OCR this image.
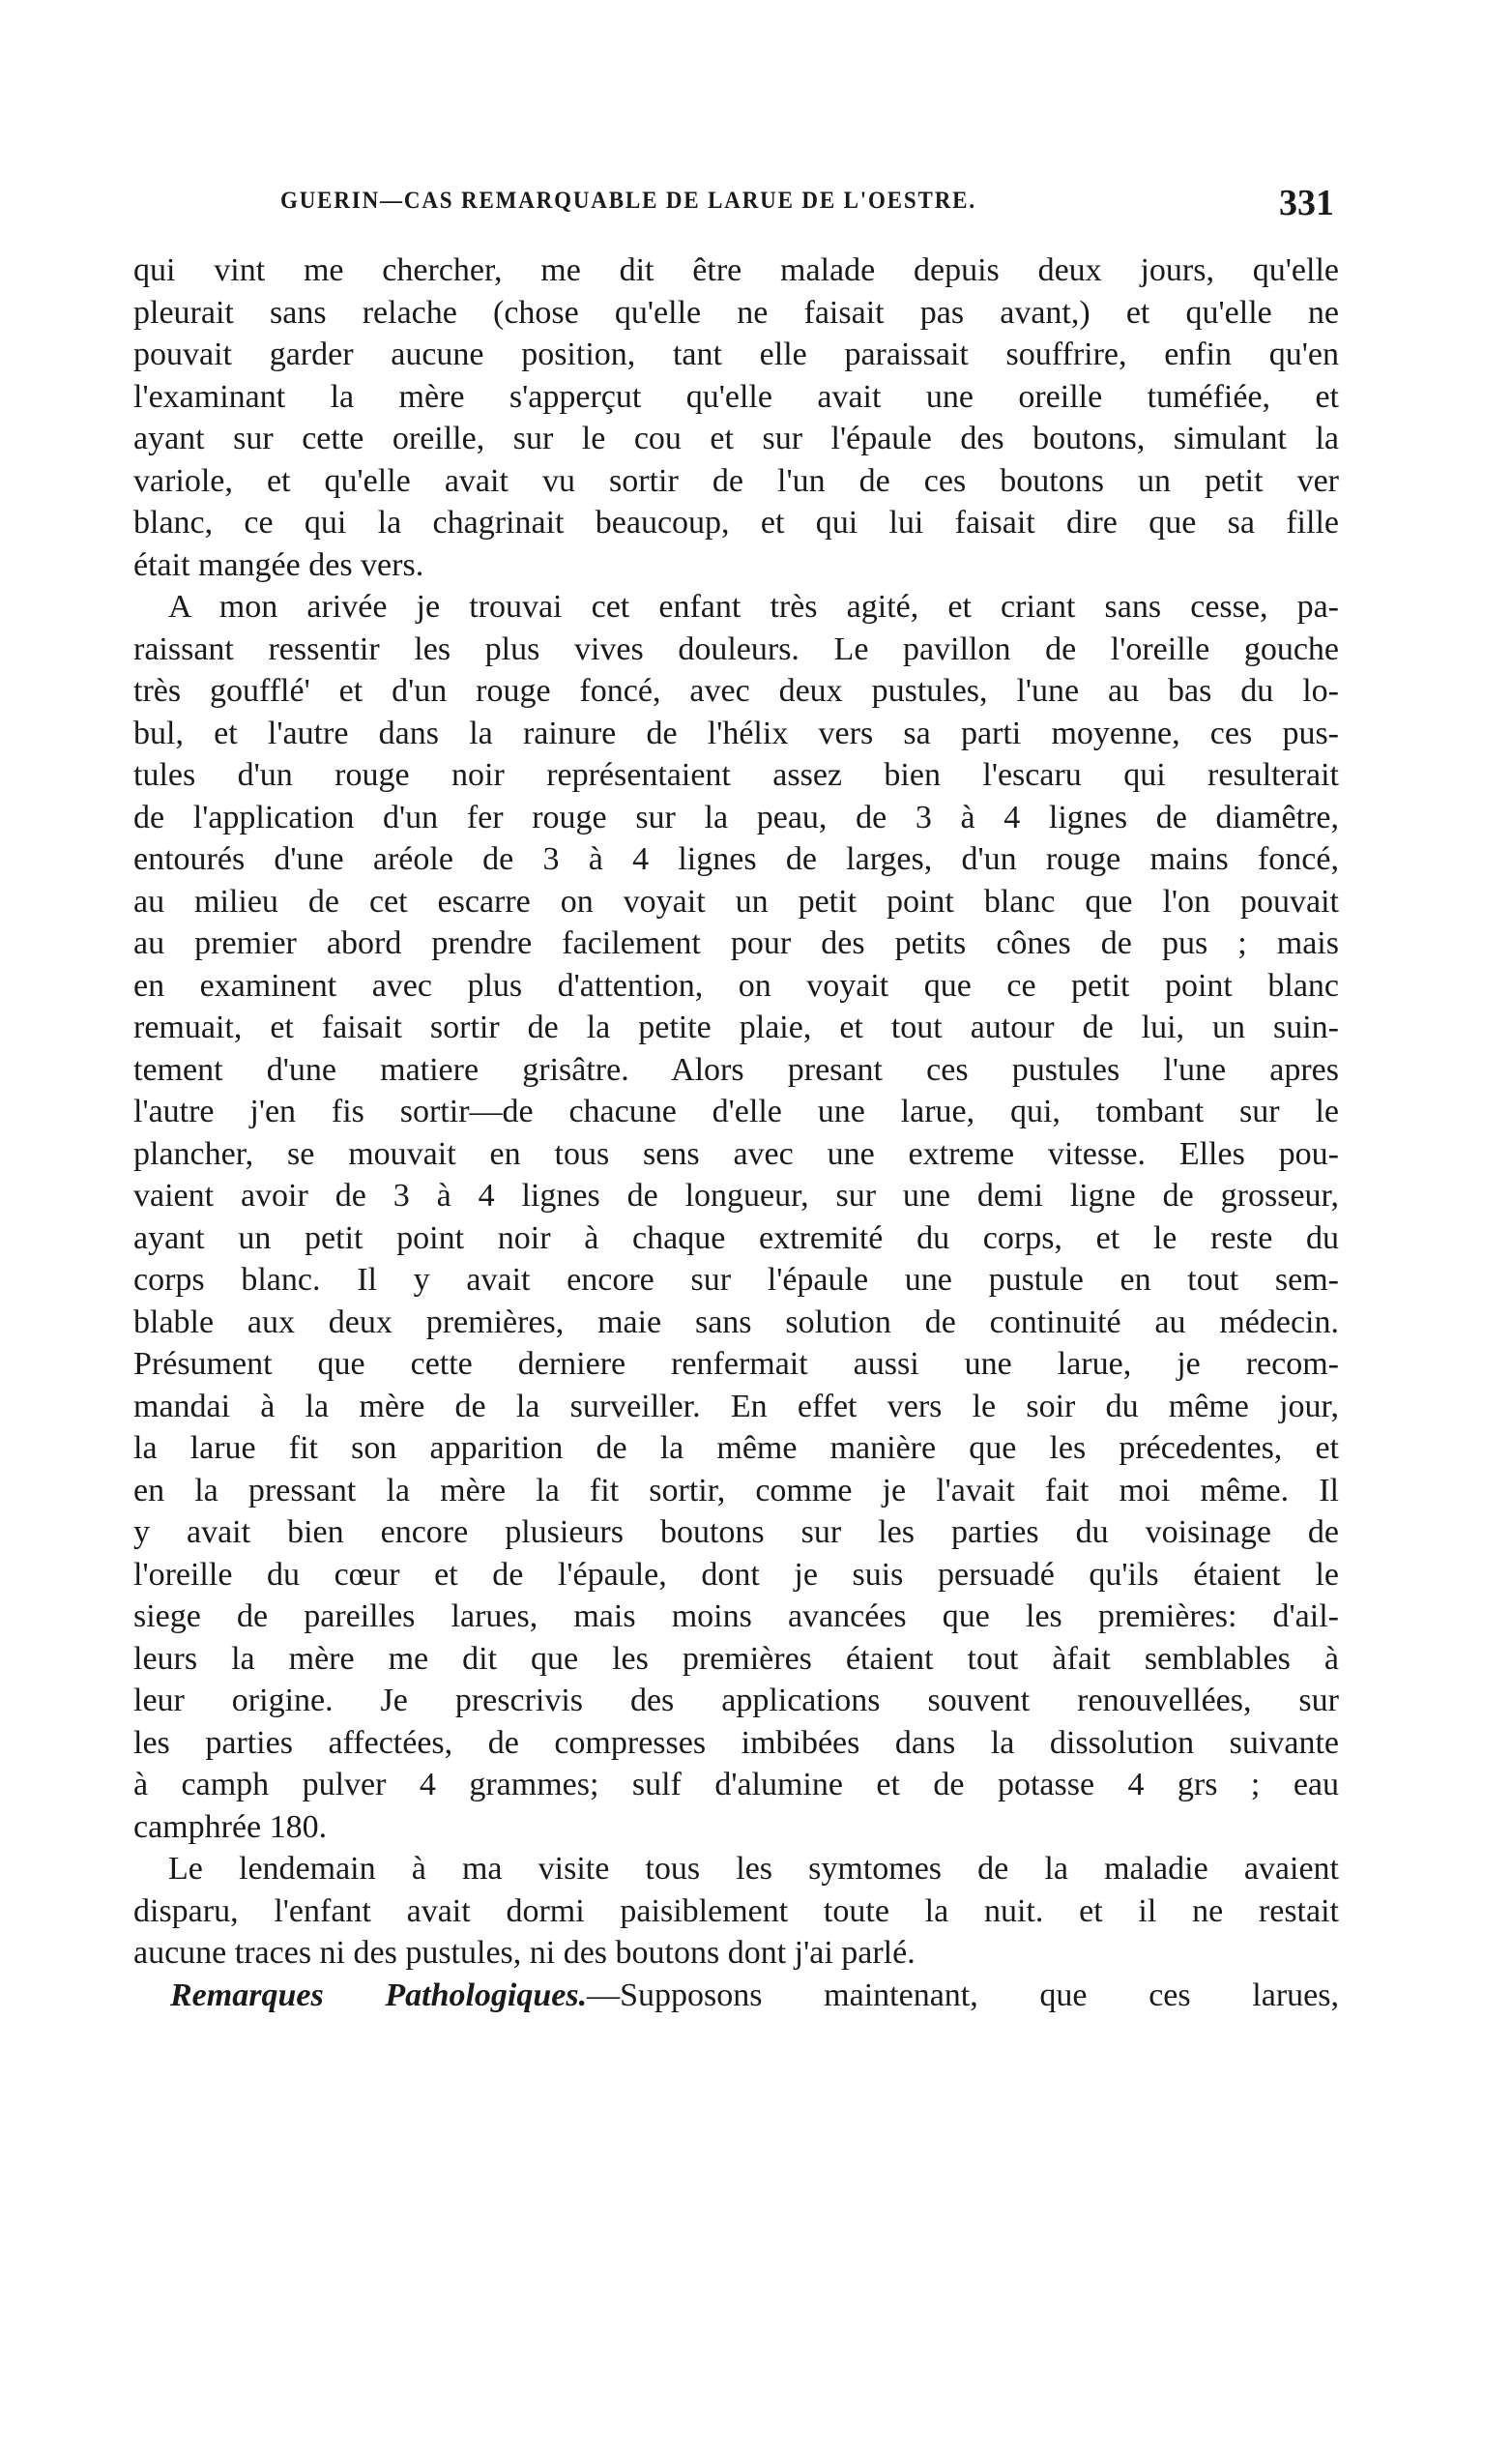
GUERIN—CAS REMARQUABLE DE LARUE DE L'OESTRE.	331
qui vint me chercher, me dit être malade depuis deux jours, qu'elle
pleurait sans relache (chose qu'elle ne faisait pas avant,) et qu'elle ne
pouvait garder aucune position, tant elle paraissait souffrire, enfin qu'en
l'examinant la mère s'apperçut qu'elle avait une oreille tuméfiée, et
ayant sur cette oreille, sur le cou et sur l'épaule des boutons, simulant la
variole, et qu'elle avait vu sortir de l'un de ces boutons un petit ver
blanc, ce qui la chagrinait beaucoup, et qui lui faisait dire que sa fille
était mangée des vers.
A mon arivée je trouvai cet enfant très agité, et criant sans cesse, pa-
raissant ressentir les plus vives douleurs. Le pavillon de l'oreille gouche
très goufflé' et d'un rouge foncé, avec deux pustules, l'une au bas du lo-
bul, et l'autre dans la rainure de l'hélix vers sa parti moyenne, ces pus-
tules d'un rouge noir représentaient assez bien l'escaru qui resulterait
de l'application d'un fer rouge sur la peau, de 3 à 4 lignes de diamêtre,
entourés d'une aréole de 3 à 4 lignes de larges, d'un rouge mains foncé,
au milieu de cet escarre on voyait un petit point blanc que l'on pouvait
au premier abord prendre facilement pour des petits cônes de pus ; mais
en examinent avec plus d'attention, on voyait que ce petit point blanc
remuait, et faisait sortir de la petite plaie, et tout autour de lui, un suin-
tement d'une matiere grisâtre. Alors presant ces pustules l'une apres
l'autre j'en fis sortir—de chacune d'elle une larue, qui, tombant sur le
plancher, se mouvait en tous sens avec une extreme vitesse. Elles pou-
vaient avoir de 3 à 4 lignes de longueur, sur une demi ligne de grosseur,
ayant un petit point noir à chaque extremité du corps, et le reste du
corps blanc. Il y avait encore sur l'épaule une pustule en tout sem-
blable aux deux premières, maie sans solution de continuité au médecin.
Présument que cette derniere renfermait aussi une larue, je recom-
mandai à la mère de la surveiller. En effet vers le soir du même jour,
la larue fit son apparition de la même manière que les précedentes, et
en la pressant la mère la fit sortir, comme je l'avait fait moi même. Il
y avait bien encore plusieurs boutons sur les parties du voisinage de
l'oreille du cœur et de l'épaule, dont je suis persuadé qu'ils étaient le
siege de pareilles larues, mais moins avancées que les premières: d'ail-
leurs la mère me dit que les premières étaient tout àfait semblables à
leur origine. Je prescrivis des applications souvent renouvellées, sur
les parties affectées, de compresses imbibées dans la dissolution suivante
à camph pulver 4 grammes; sulf d'alumine et de potasse 4 grs ; eau
camphrée 180.
Le lendemain à ma visite tous les symtomes de la maladie avaient
disparu, l'enfant avait dormi paisiblement toute la nuit. et il ne restait
aucune traces ni des pustules, ni des boutons dont j'ai parlé.
Remarques Pathologiques.—Supposons maintenant, que ces larues,
